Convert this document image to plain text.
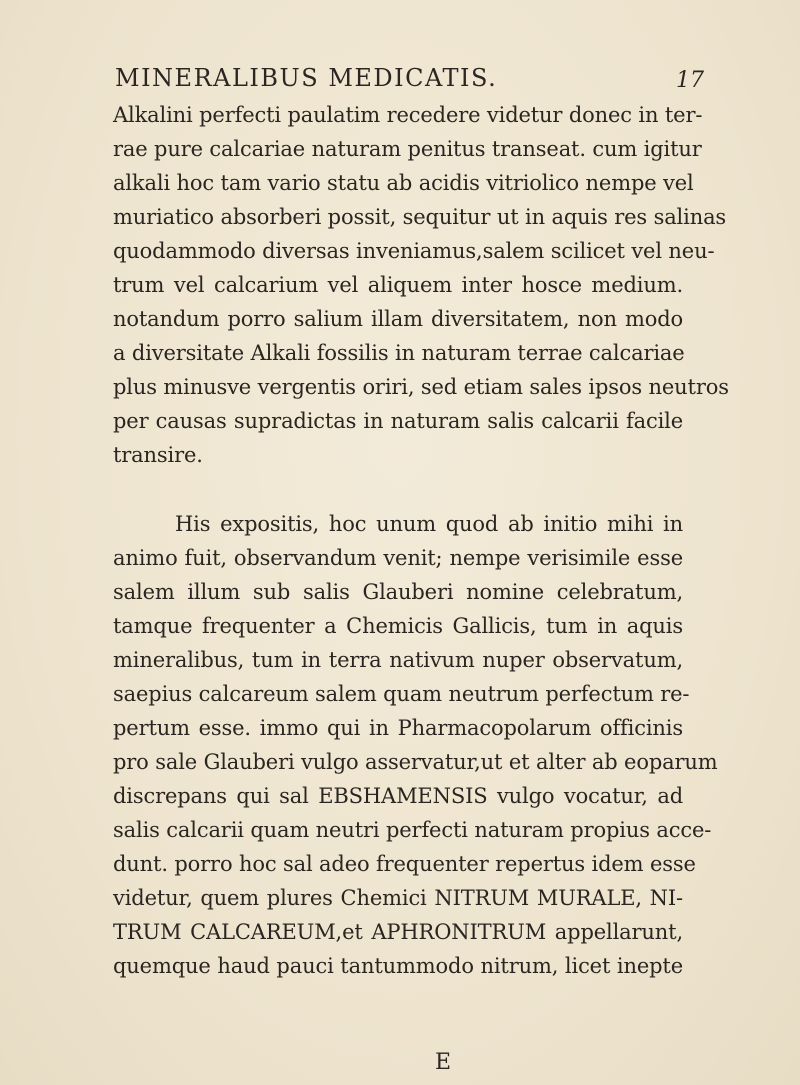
MINERALIBUS MEDICATIS.	17
Alkalini perfecti paulatim recedere videtur donec in ter-
rae pure calcariae naturam penitus transeat. cum igitur
alkali hoc tam vario statu ab acidis vitriolico nempe vel
muriatico absorberi possit, sequitur ut in aquis res salinas
quodammodo diversas inveniamus,salem scilicet vel neu-
trum vel calcarium vel aliquem inter hosce medium.
notandum porro salium illam diversitatem, non modo
a diversitate Alkali fossilis in naturam terrae calcariae
plus minusve vergentis oriri, sed etiam sales ipsos neutros
per causas supradictas in naturam salis calcarii facile
transire.
His expositis, hoc unum quod ab initio mihi in
animo fuit, observandum venit; nempe verisimile esse
salem illum sub salis Glauberi nomine celebratum,
tamque frequenter a Chemicis Gallicis, tum in aquis
mineralibus, tum in terra nativum nuper observatum,
saepius calcareum salem quam neutrum perfectum re-
pertum esse. immo qui in Pharmacopolarum officinis
pro sale Glauberi vulgo asservatur,ut et alter ab eoparum
discrepans qui sal EBSHAMENSIS vulgo vocatur, ad
salis calcarii quam neutri perfecti naturam propius acce-
dunt. porro hoc sal adeo frequenter repertus idem esse
videtur, quem plures Chemici NITRUM MURALE, NI-
TRUM CALCAREUM,et APHRONITRUM appellarunt,
quemque haud pauci tantummodo nitrum, licet inepte
E
